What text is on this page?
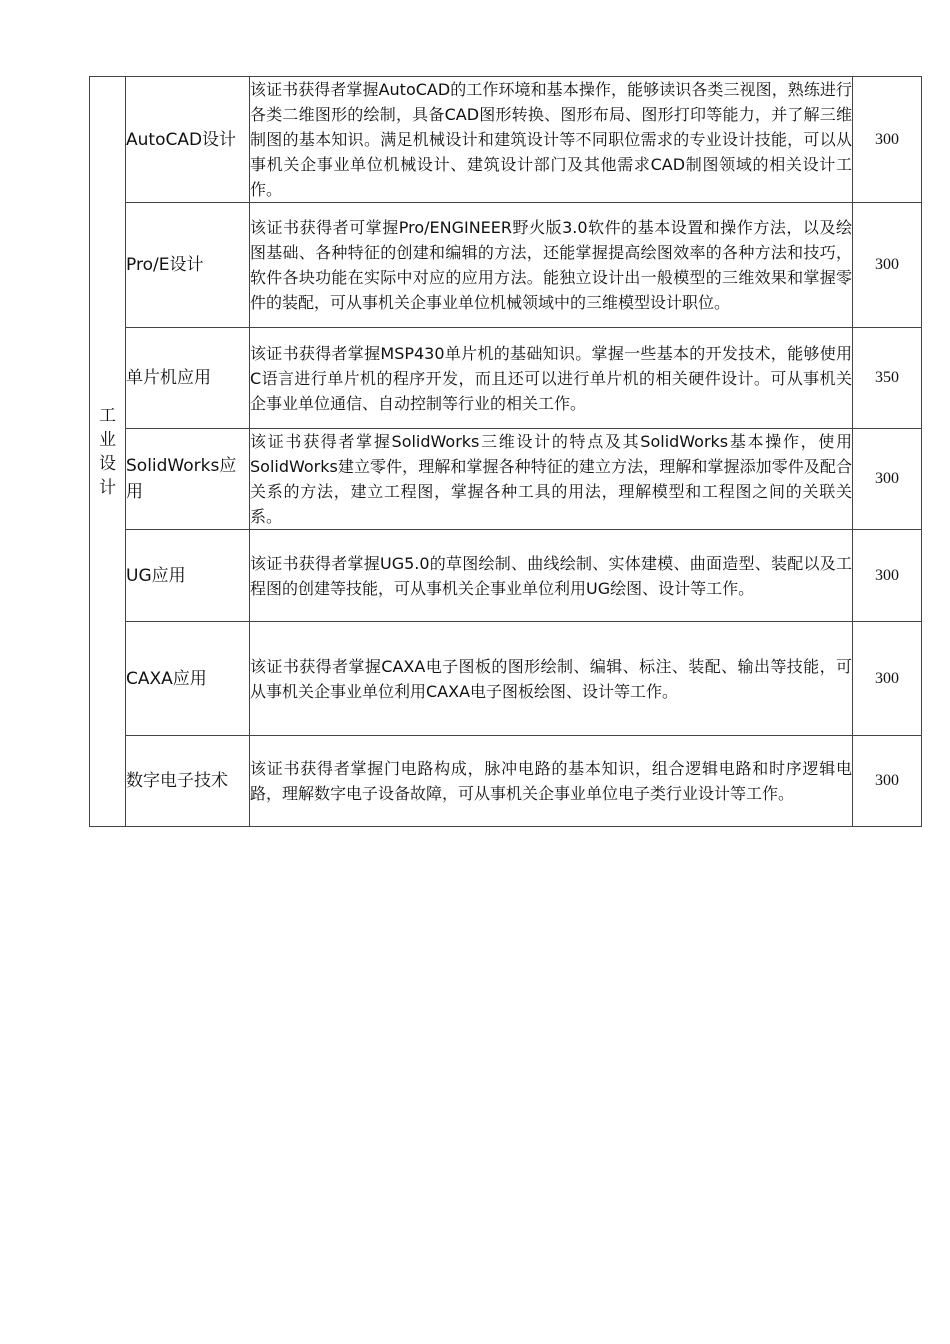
工业设计	AutoCAD设计	该证书获得者掌握AutoCAD的工作环境和基本操作，能够读识各类三视图，熟练进行各类二维图形的绘制，具备CAD图形转换、图形布局、图形打印等能力，并了解三维制图的基本知识。满足机械设计和建筑设计等不同职位需求的专业设计技能，可以从事机关企事业单位机械设计、建筑设计部门及其他需求CAD制图领域的相关设计工作。	300
	Pro/E设计	该证书获得者可掌握Pro/ENGINEER野火版3.0软件的基本设置和操作方法，以及绘图基础、各种特征的创建和编辑的方法，还能掌握提高绘图效率的各种方法和技巧，软件各块功能在实际中对应的应用方法。能独立设计出一般模型的三维效果和掌握零件的装配，可从事机关企事业单位机械领域中的三维模型设计职位。	300
	单片机应用	该证书获得者掌握MSP430单片机的基础知识。掌握一些基本的开发技术，能够使用C语言进行单片机的程序开发，而且还可以进行单片机的相关硬件设计。可从事机关企事业单位通信、自动控制等行业的相关工作。	350
	SolidWorks应用	该证书获得者掌握SolidWorks三维设计的特点及其SolidWorks基本操作，使用SolidWorks建立零件，理解和掌握各种特征的建立方法，理解和掌握添加零件及配合关系的方法，建立工程图，掌握各种工具的用法，理解模型和工程图之间的关联关系。	300
	UG应用	该证书获得者掌握UG5.0的草图绘制、曲线绘制、实体建模、曲面造型、装配以及工程图的创建等技能，可从事机关企事业单位利用UG绘图、设计等工作。	300
	CAXA应用	该证书获得者掌握CAXA电子图板的图形绘制、编辑、标注、装配、输出等技能，可从事机关企事业单位利用CAXA电子图板绘图、设计等工作。	300
	数字电子技术	该证书获得者掌握门电路构成，脉冲电路的基本知识，组合逻辑电路和时序逻辑电路，理解数字电子设备故障，可从事机关企事业单位电子类行业设计等工作。	300
